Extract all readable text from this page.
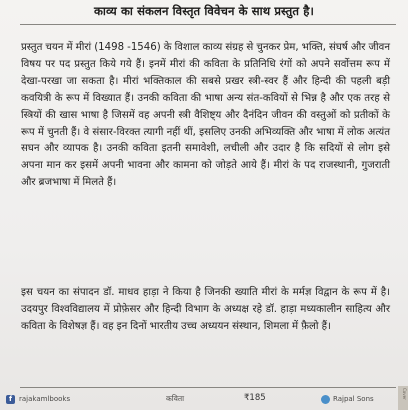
काव्य का संकलन विस्तृत विवेचन के साथ प्रस्तुत है।
प्रस्तुत चयन में मीरां (1498 -1546) के विशाल काव्य संग्रह से चुनकर प्रेम, भक्ति, संघर्ष और जीवन विषय पर पद प्रस्तुत किये गये हैं। इनमें मीरां की कविता के प्रतिनिधि रंगों को अपने सर्वोत्तम रूप में देखा-परखा जा सकता है। मीरां भक्तिकाल की सबसे प्रखर स्त्री-स्वर हैं और हिन्दी की पहली बड़ी कवयित्री के रूप में विख्यात हैं। उनकी कविता की भाषा अन्य संत-कवियों से भिन्न है और एक तरह से स्त्रियों की खास भाषा है जिसमें वह अपनी स्त्री वैशिष्ट्य और दैनंदिन जीवन की वस्तुओं को प्रतीकों के रूप में चुनती हैं। वे संसार-विरक्त त्यागी नहीं थीं, इसलिए उनकी अभिव्यक्ति और भाषा में लोक अत्यंत सघन और व्यापक है। उनकी कविता इतनी समावेशी, लचीली और उदार है कि सदियों से लोग इसे अपना मान कर इसमें अपनी भावना और कामना को जोड़ते आये हैं। मीरां के पद राजस्थानी, गुजराती और ब्रजभाषा में मिलते हैं।
इस चयन का संपादन डॉ. माधव हाड़ा ने किया है जिनकी ख्याति मीरां के मर्मज्ञ विद्वान के रूप में है। उदयपुर विश्वविद्यालय में प्रोफ़ेसर और हिन्दी विभाग के अध्यक्ष रहे डॉ. हाड़ा मध्यकालीन साहित्य और कविता के विशेषज्ञ हैं। वह इन दिनों भारतीय उच्च अध्ययन संस्थान, शिमला में फ़ैलो हैं।
f rajakamlbooks	कविता	₹185	Rajpal Sons	Cover
